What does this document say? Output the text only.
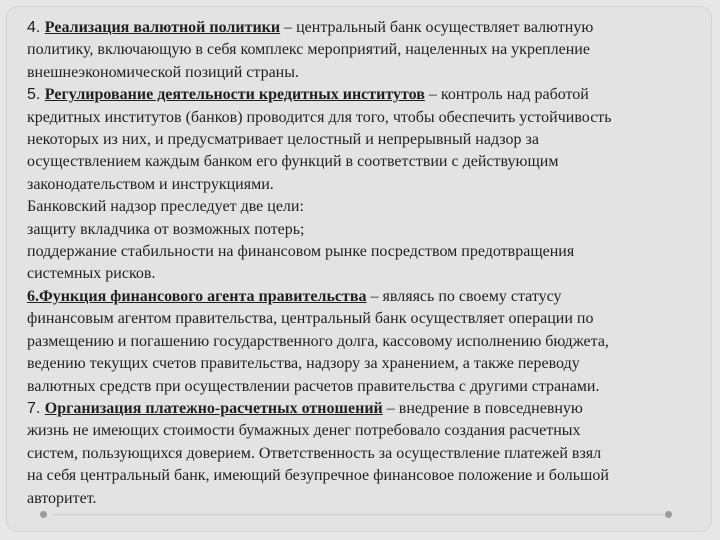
4. Реализация валютной политики – центральный банк осуществляет валютную

политику, включающую в себя комплекс мероприятий, нацеленных на укрепление

внешнеэкономической позиций страны.

5. Регулирование деятельности кредитных институтов – контроль над работой

кредитных институтов (банков) проводится для того, чтобы обеспечить устойчивость

некоторых из них, и предусматривает целостный и непрерывный надзор за

осуществлением каждым банком его функций в соответствии с действующим

законодательством и инструкциями.

Банковский надзор преследует две цели:

защиту вкладчика от возможных потерь;

поддержание стабильности на финансовом рынке посредством предотвращения

системных рисков.

6.Функция финансового агента правительства – являясь по своему статусу

финансовым агентом правительства, центральный банк осуществляет операции по

размещению и погашению государственного долга, кассовому исполнению бюджета,

ведению текущих счетов правительства, надзору за хранением, а также переводу

валютных средств при осуществлении расчетов правительства с другими странами.

7. Организация платежно-расчетных отношений – внедрение в повседневную

жизнь не имеющих стоимости бумажных денег потребовало создания расчетных

систем, пользующихся доверием. Ответственность за осуществление платежей взял

на себя центральный банк, имеющий безупречное финансовое положение и большой

авторитет.
